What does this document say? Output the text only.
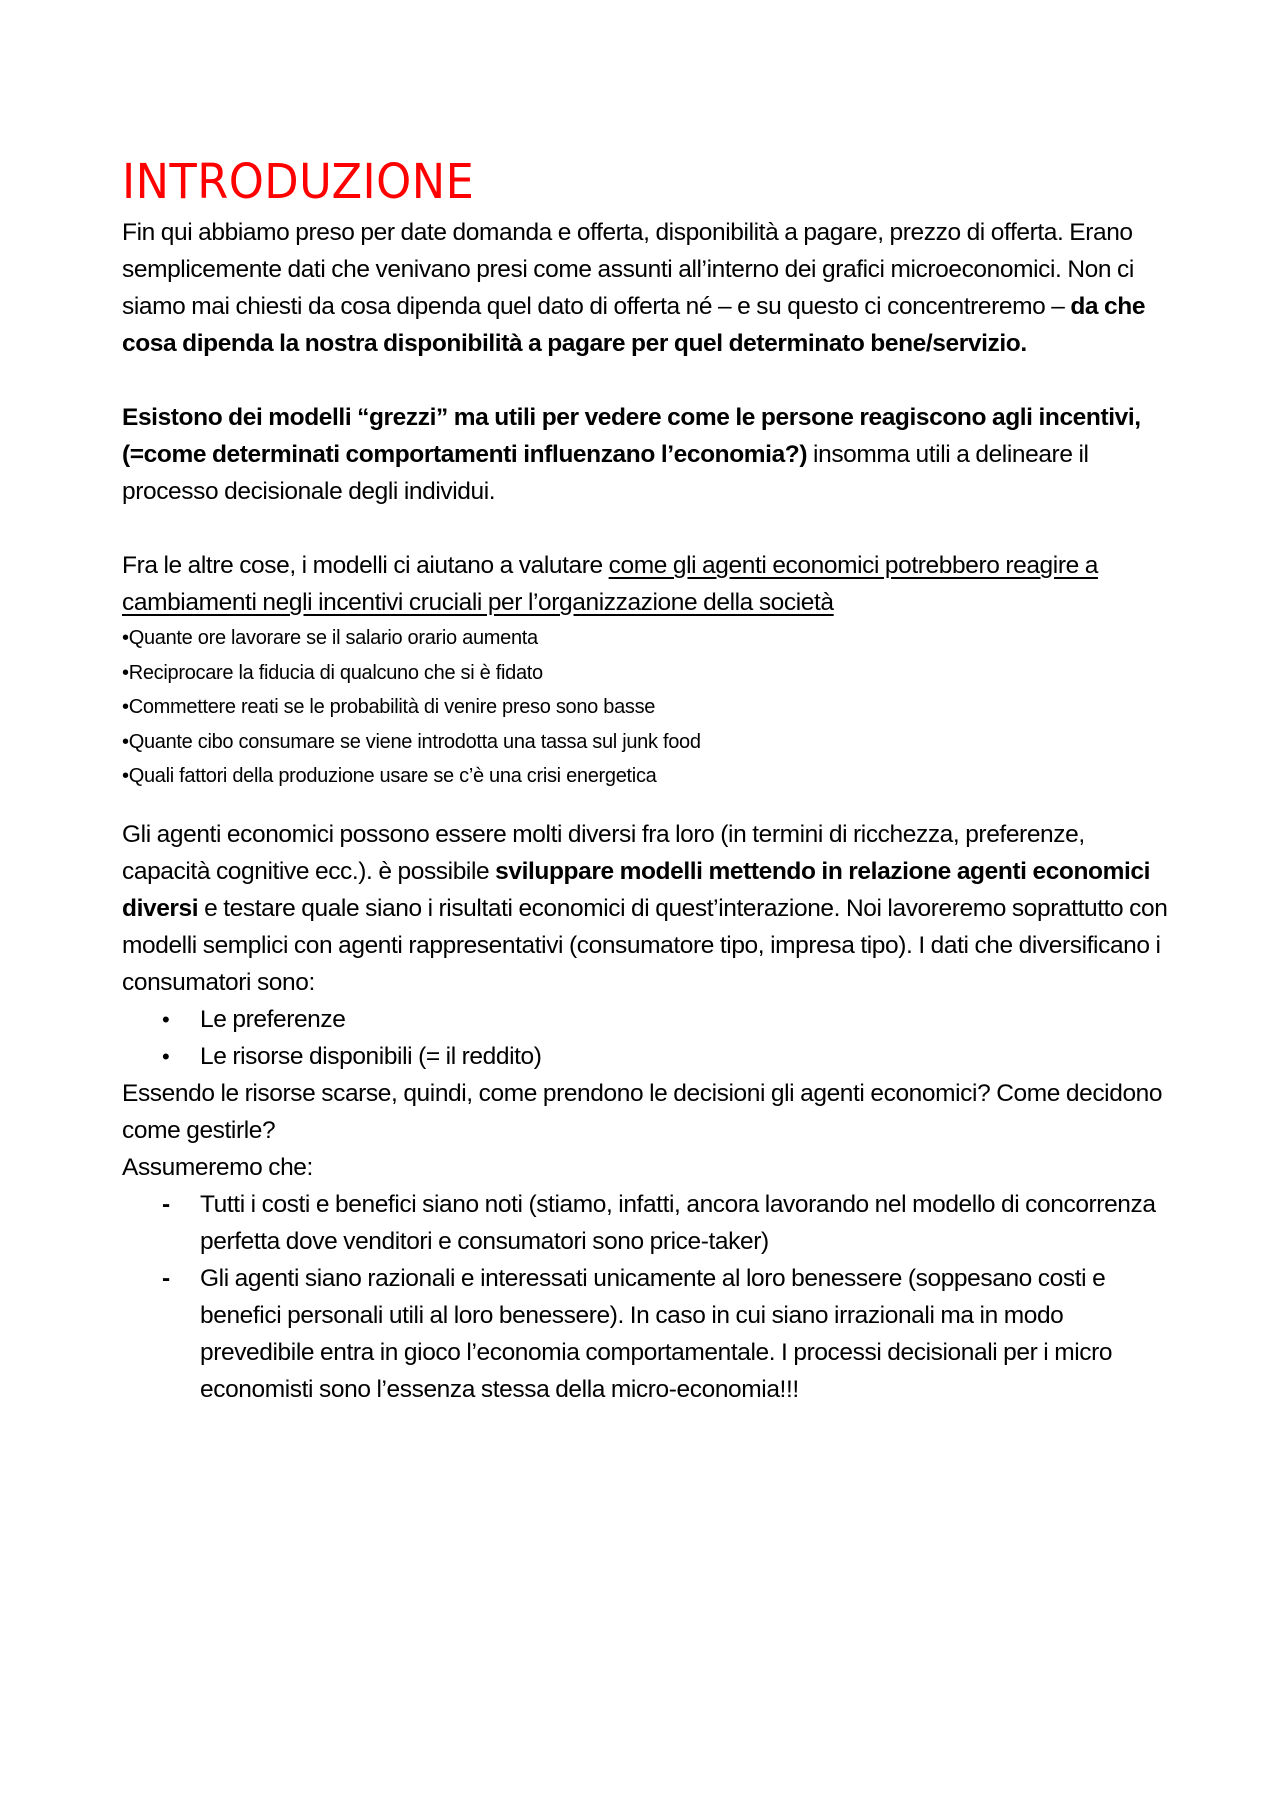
INTRODUZIONE

Fin qui abbiamo preso per date domanda e offerta, disponibilità a pagare, prezzo di offerta. Erano semplicemente dati che venivano presi come assunti all’interno dei grafici microeconomici. Non ci siamo mai chiesti da cosa dipenda quel dato di offerta né – e su questo ci concentreremo – da che cosa dipenda la nostra disponibilità a pagare per quel determinato bene/servizio.

Esistono dei modelli “grezzi” ma utili per vedere come le persone reagiscono agli incentivi, (=come determinati comportamenti influenzano l’economia?) insomma utili a delineare il processo decisionale degli individui.

Fra le altre cose, i modelli ci aiutano a valutare come gli agenti economici potrebbero reagire a cambiamenti negli incentivi cruciali per l’organizzazione della società

• Quante ore lavorare se il salario orario aumenta
• Reciprocare la fiducia di qualcuno che si è fidato
• Commettere reati se le probabilità di venire preso sono basse
• Quante cibo consumare se viene introdotta una tassa sul junk food
• Quali fattori della produzione usare se c’è una crisi energetica

Gli agenti economici possono essere molti diversi fra loro (in termini di ricchezza, preferenze, capacità cognitive ecc.). è possibile sviluppare modelli mettendo in relazione agenti economici diversi e testare quale siano i risultati economici di quest’interazione. Noi lavoreremo soprattutto con modelli semplici con agenti rappresentativi (consumatore tipo, impresa tipo). I dati che diversificano i consumatori sono:

• Le preferenze
• Le risorse disponibili (= il reddito)

Essendo le risorse scarse, quindi, come prendono le decisioni gli agenti economici? Come decidono come gestirle?

Assumeremo che:

- Tutti i costi e benefici siano noti (stiamo, infatti, ancora lavorando nel modello di concorrenza perfetta dove venditori e consumatori sono price-taker)
- Gli agenti siano razionali e interessati unicamente al loro benessere (soppesano costi e benefici personali utili al loro benessere). In caso in cui siano irrazionali ma in modo prevedibile entra in gioco l’economia comportamentale. I processi decisionali per i micro economisti sono l’essenza stessa della micro-economia!!!
